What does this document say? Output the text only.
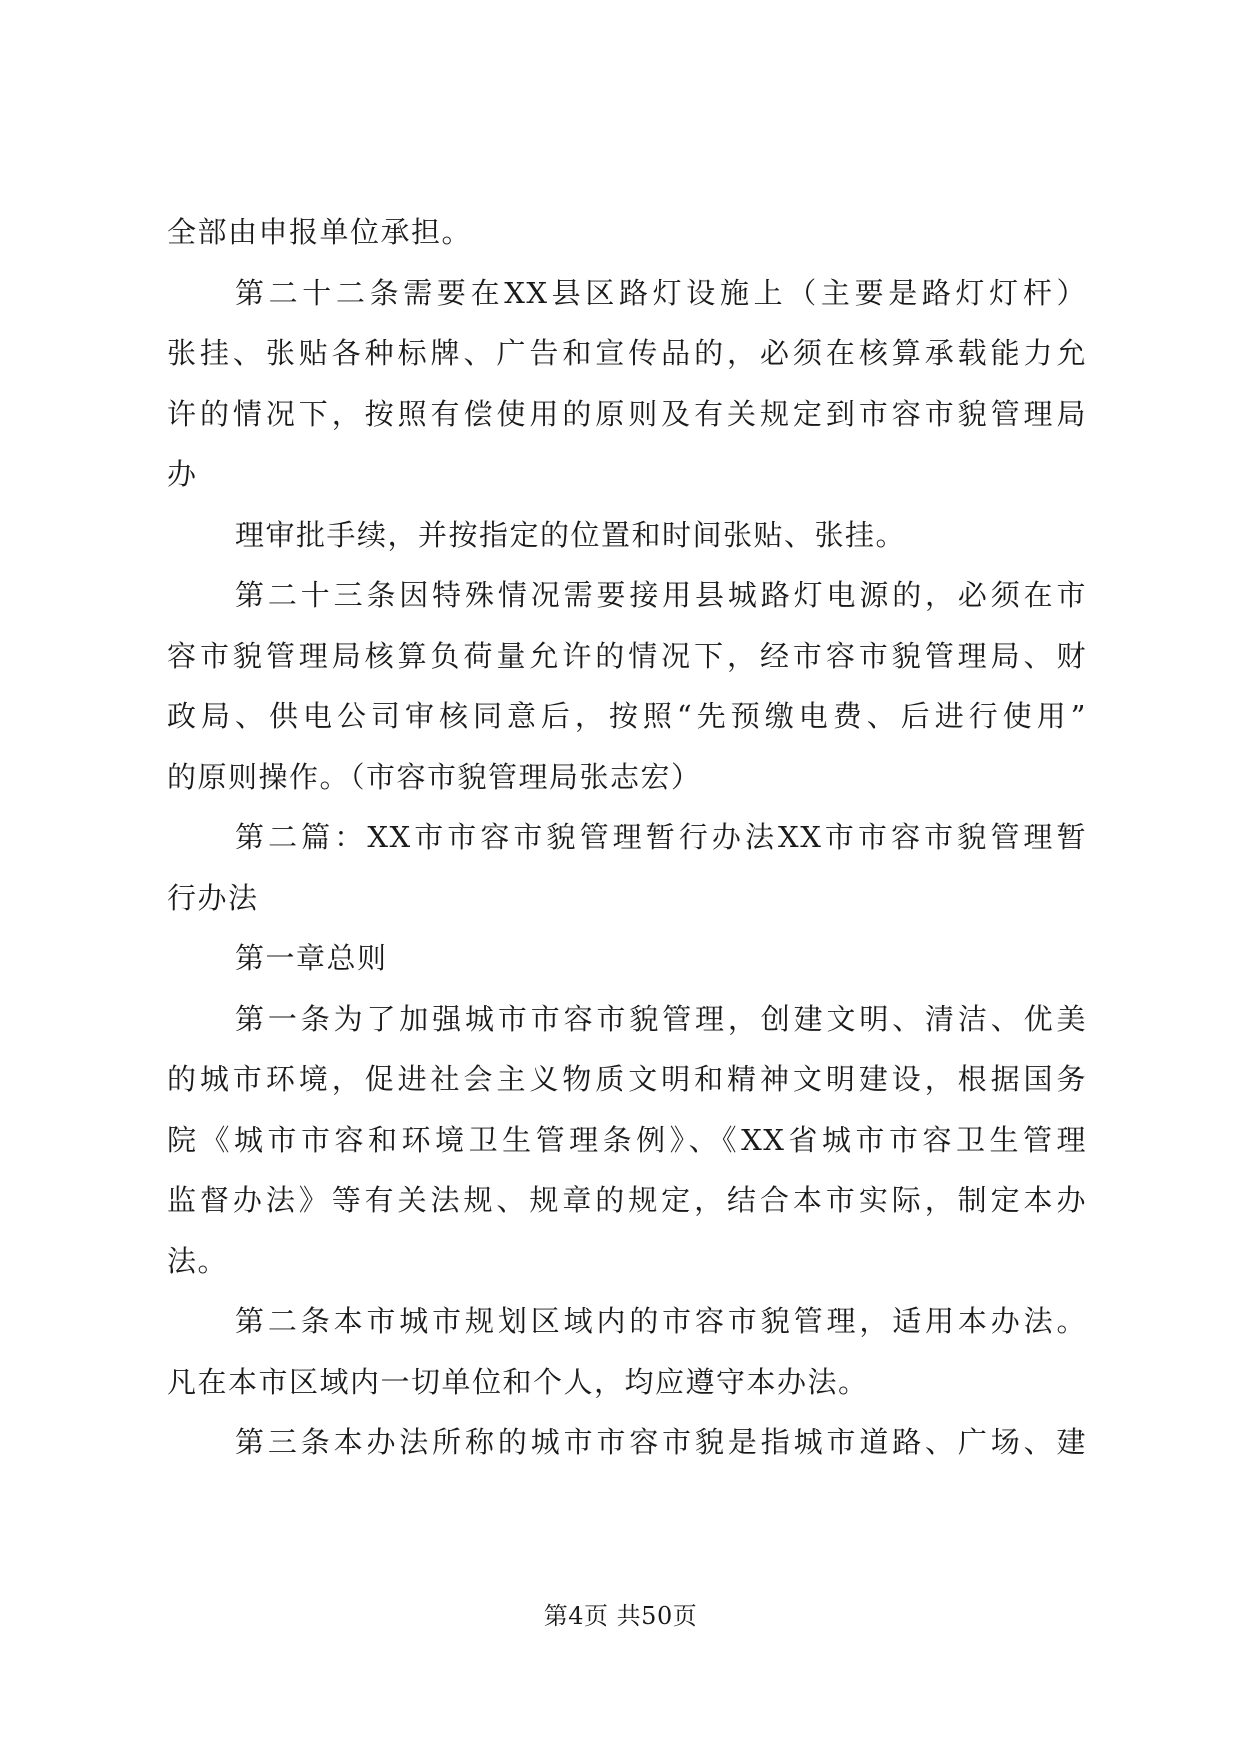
全部由申报单位承担。
第二十二条需要在XX县区路灯设施上（主要是路灯灯杆）
张挂、张贴各种标牌、广告和宣传品的，必须在核算承载能力允
许的情况下，按照有偿使用的原则及有关规定到市容市貌管理局
办
理审批手续，并按指定的位置和时间张贴、张挂。
第二十三条因特殊情况需要接用县城路灯电源的，必须在市
容市貌管理局核算负荷量允许的情况下，经市容市貌管理局、财
政局、供电公司审核同意后，按照“先预缴电费、后进行使用”
的原则操作。（市容市貌管理局张志宏）
第二篇：XX市市容市貌管理暂行办法XX市市容市貌管理暂
行办法
第一章总则
第一条为了加强城市市容市貌管理，创建文明、清洁、优美
的城市环境，促进社会主义物质文明和精神文明建设，根据国务
院《城市市容和环境卫生管理条例》、《XX省城市市容卫生管理
监督办法》等有关法规、规章的规定，结合本市实际，制定本办
法。
第二条本市城市规划区域内的市容市貌管理，适用本办法。
凡在本市区域内一切单位和个人，均应遵守本办法。
第三条本办法所称的城市市容市貌是指城市道路、广场、建
第4页 共50页
